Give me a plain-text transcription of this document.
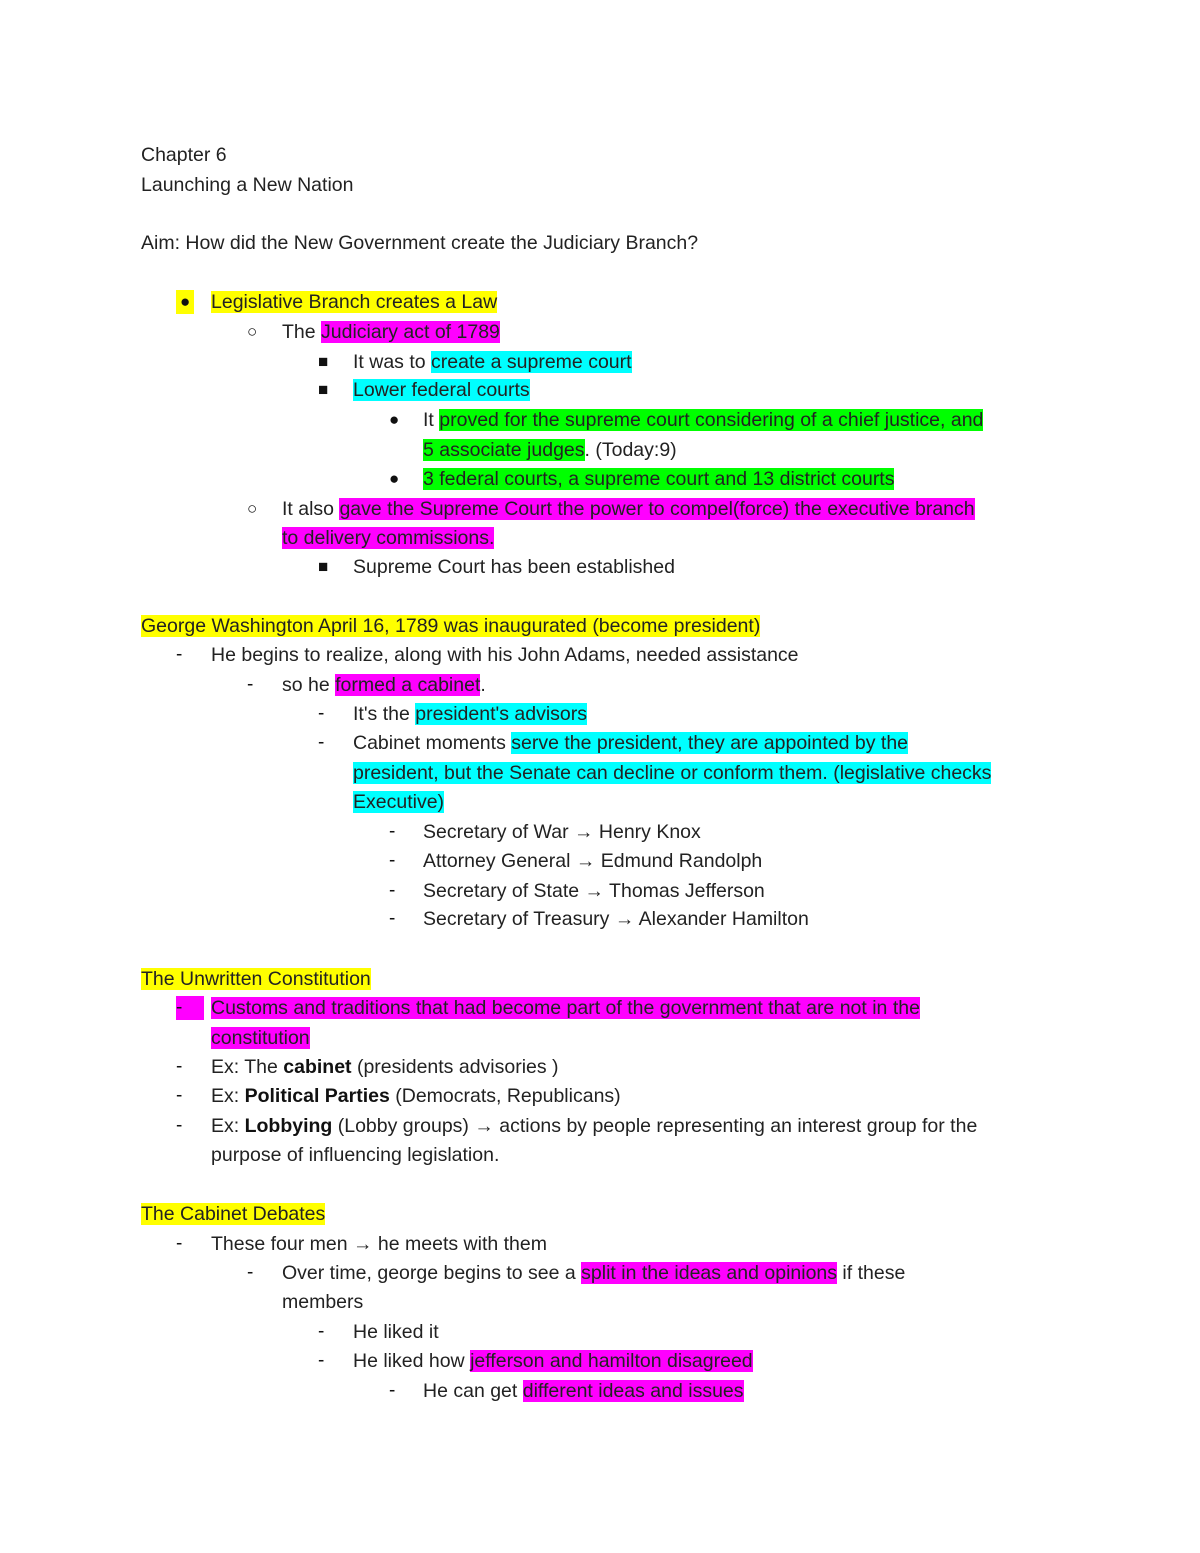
Chapter 6
Launching a New Nation
Aim: How did the New Government create the Judiciary Branch?
● Legislative Branch creates a Law
○ The Judiciary act of 1789
■ It was to create a supreme court
■ Lower federal courts
● It proved for the supreme court considering of a chief justice, and
5 associate judges. (Today:9)
● 3 federal courts, a supreme court and 13 district courts
○ It also gave the Supreme Court the power to compel(force) the executive branch
to delivery commissions.
■ Supreme Court has been established
George Washington April 16, 1789 was inaugurated (become president)
- He begins to realize, along with his John Adams, needed assistance
- so he formed a cabinet.
- It's the president's advisors
- Cabinet moments serve the president, they are appointed by the
president, but the Senate can decline or conform them. (legislative checks
Executive)
- Secretary of War → Henry Knox
- Attorney General → Edmund Randolph
- Secretary of State → Thomas Jefferson
- Secretary of Treasury → Alexander Hamilton
The Unwritten Constitution
-	Customs and traditions that had become part of the government that are not in the
constitution
- Ex: The cabinet (presidents advisories )
- Ex: Political Parties (Democrats, Republicans)
- Ex: Lobbying (Lobby groups) → actions by people representing an interest group for the
purpose of influencing legislation.
The Cabinet Debates
- These four men → he meets with them
- Over time, george begins to see a split in the ideas and opinions if these
members
- He liked it
- He liked how jefferson and hamilton disagreed
- He can get different ideas and issues
